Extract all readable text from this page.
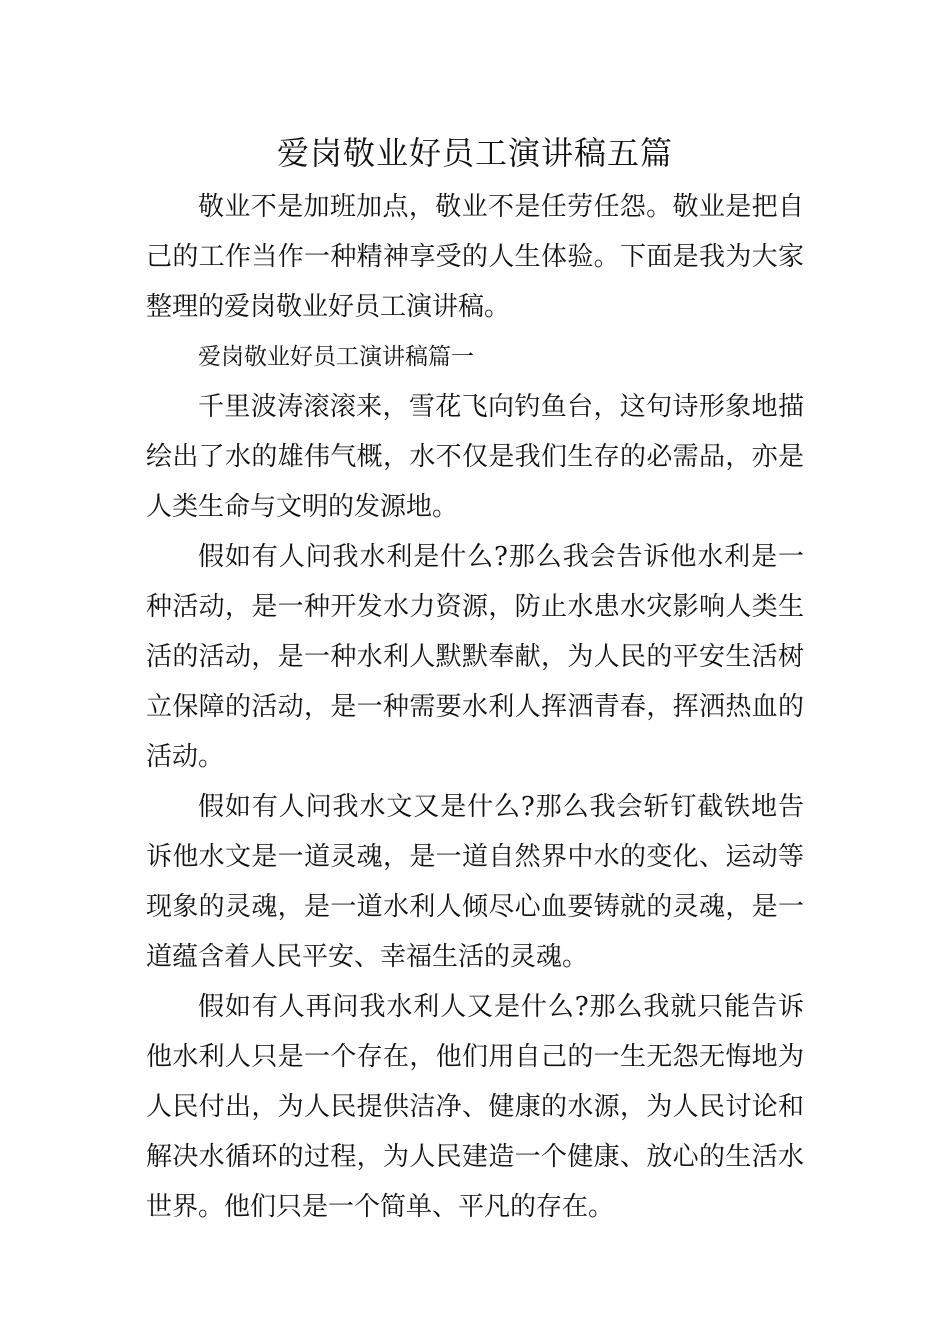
爱岗敬业好员工演讲稿五篇

敬业不是加班加点，敬业不是任劳任怨。敬业是把自己的工作当作一种精神享受的人生体验。下面是我为大家整理的爱岗敬业好员工演讲稿。

爱岗敬业好员工演讲稿篇一

千里波涛滚滚来，雪花飞向钓鱼台，这句诗形象地描绘出了水的雄伟气概，水不仅是我们生存的必需品，亦是人类生命与文明的发源地。

假如有人问我水利是什么?那么我会告诉他水利是一种活动，是一种开发水力资源，防止水患水灾影响人类生活的活动，是一种水利人默默奉献，为人民的平安生活树立保障的活动，是一种需要水利人挥洒青春，挥洒热血的活动。

假如有人问我水文又是什么?那么我会斩钉截铁地告诉他水文是一道灵魂，是一道自然界中水的变化、运动等现象的灵魂，是一道水利人倾尽心血要铸就的灵魂，是一道蕴含着人民平安、幸福生活的灵魂。

假如有人再问我水利人又是什么?那么我就只能告诉他水利人只是一个存在，他们用自己的一生无怨无悔地为人民付出，为人民提供洁净、健康的水源，为人民讨论和解决水循环的过程，为人民建造一个健康、放心的生活水世界。他们只是一个简单、平凡的存在。
